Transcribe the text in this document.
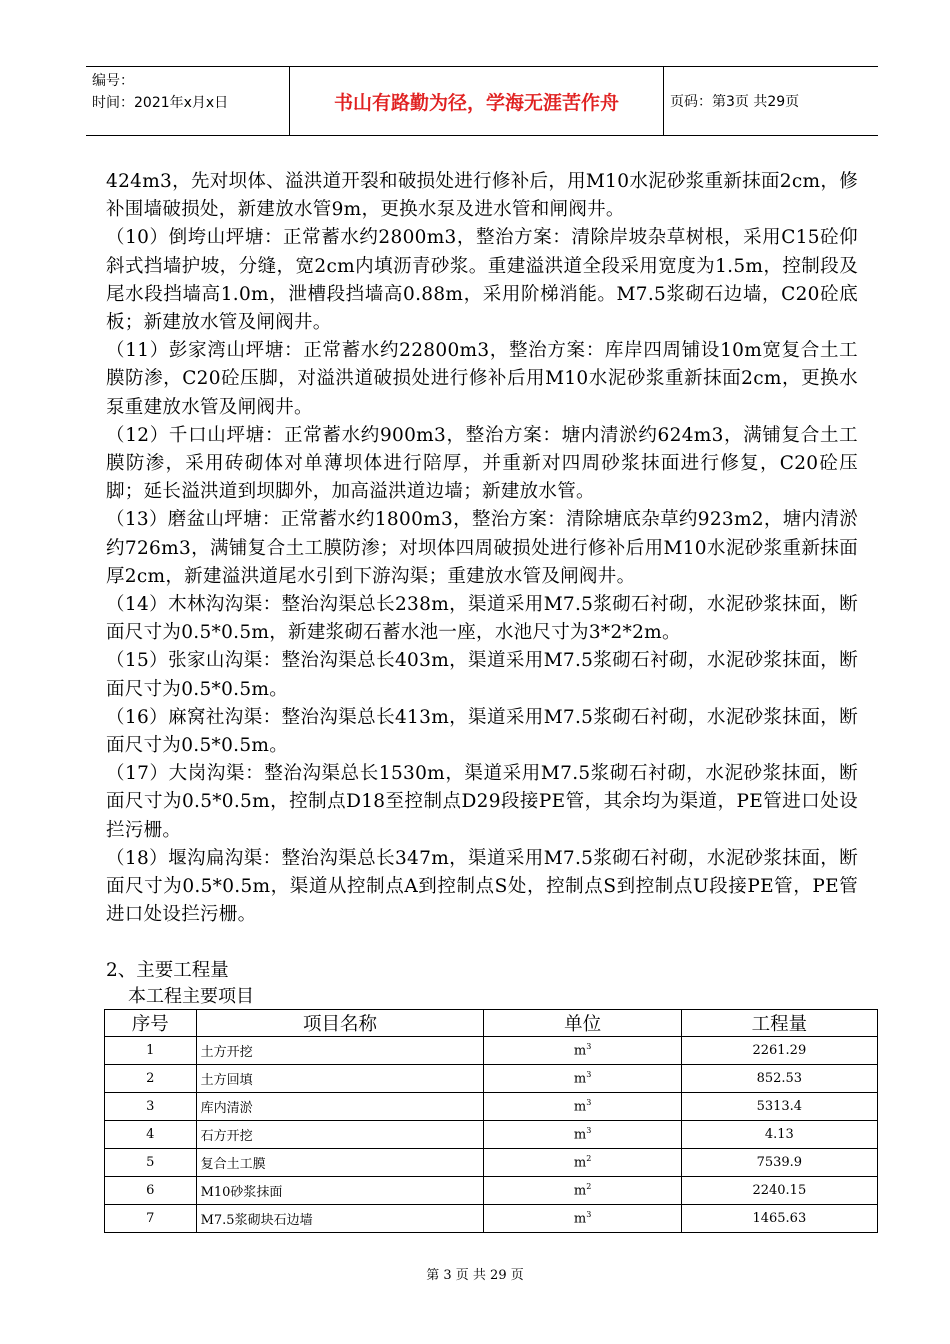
编号：
时间：2021年x月x日	书山有路勤为径，学海无涯苦作舟	页码：第3页 共29页

424m3，先对坝体、溢洪道开裂和破损处进行修补后，用M10水泥砂浆重新抹面2cm，修补围墙破损处，新建放水管9m，更换水泵及进水管和闸阀井。

（10）倒垮山坪塘：正常蓄水约2800m3，整治方案：清除岸坡杂草树根，采用C15砼仰斜式挡墙护坡，分缝，宽2cm内填沥青砂浆。重建溢洪道全段采用宽度为1.5m，控制段及尾水段挡墙高1.0m，泄槽段挡墙高0.88m，采用阶梯消能。M7.5浆砌石边墙，C20砼底板；新建放水管及闸阀井。

（11）彭家湾山坪塘：正常蓄水约22800m3，整治方案：库岸四周铺设10m宽复合土工膜防渗，C20砼压脚，对溢洪道破损处进行修补后用M10水泥砂浆重新抹面2cm，更换水泵重建放水管及闸阀井。

（12）千口山坪塘：正常蓄水约900m3，整治方案：塘内清淤约624m3，满铺复合土工膜防渗，采用砖砌体对单薄坝体进行陪厚，并重新对四周砂浆抹面进行修复，C20砼压脚；延长溢洪道到坝脚外，加高溢洪道边墙；新建放水管。

（13）磨盆山坪塘：正常蓄水约1800m3，整治方案：清除塘底杂草约923m2，塘内清淤约726m3，满铺复合土工膜防渗；对坝体四周破损处进行修补后用M10水泥砂浆重新抹面厚2cm，新建溢洪道尾水引到下游沟渠；重建放水管及闸阀井。

（14）木林沟沟渠：整治沟渠总长238m，渠道采用M7.5浆砌石衬砌，水泥砂浆抹面，断面尺寸为0.5*0.5m，新建浆砌石蓄水池一座，水池尺寸为3*2*2m。

（15）张家山沟渠：整治沟渠总长403m，渠道采用M7.5浆砌石衬砌，水泥砂浆抹面，断面尺寸为0.5*0.5m。

（16）麻窝社沟渠：整治沟渠总长413m，渠道采用M7.5浆砌石衬砌，水泥砂浆抹面，断面尺寸为0.5*0.5m。

（17）大岗沟渠：整治沟渠总长1530m，渠道采用M7.5浆砌石衬砌，水泥砂浆抹面，断面尺寸为0.5*0.5m，控制点D18至控制点D29段接PE管，其余均为渠道，PE管进口处设拦污栅。

（18）堰沟扁沟渠：整治沟渠总长347m，渠道采用M7.5浆砌石衬砌，水泥砂浆抹面，断面尺寸为0.5*0.5m，渠道从控制点A到控制点S处，控制点S到控制点U段接PE管，PE管进口处设拦污栅。

2、主要工程量
本工程主要项目
序号	项目名称	单位	工程量
1	土方开挖	$m^3$	2261.29
2	土方回填	$m^3$	852.53
3	库内清淤	$m^3$	5313.4
4	石方开挖	$m^3$	4.13
5	复合土工膜	$m^2$	7539.9
6	M10砂浆抹面	$m^2$	2240.15
7	M7.5浆砌块石边墙	$m^3$	1465.63
第 3 页 共 29 页
